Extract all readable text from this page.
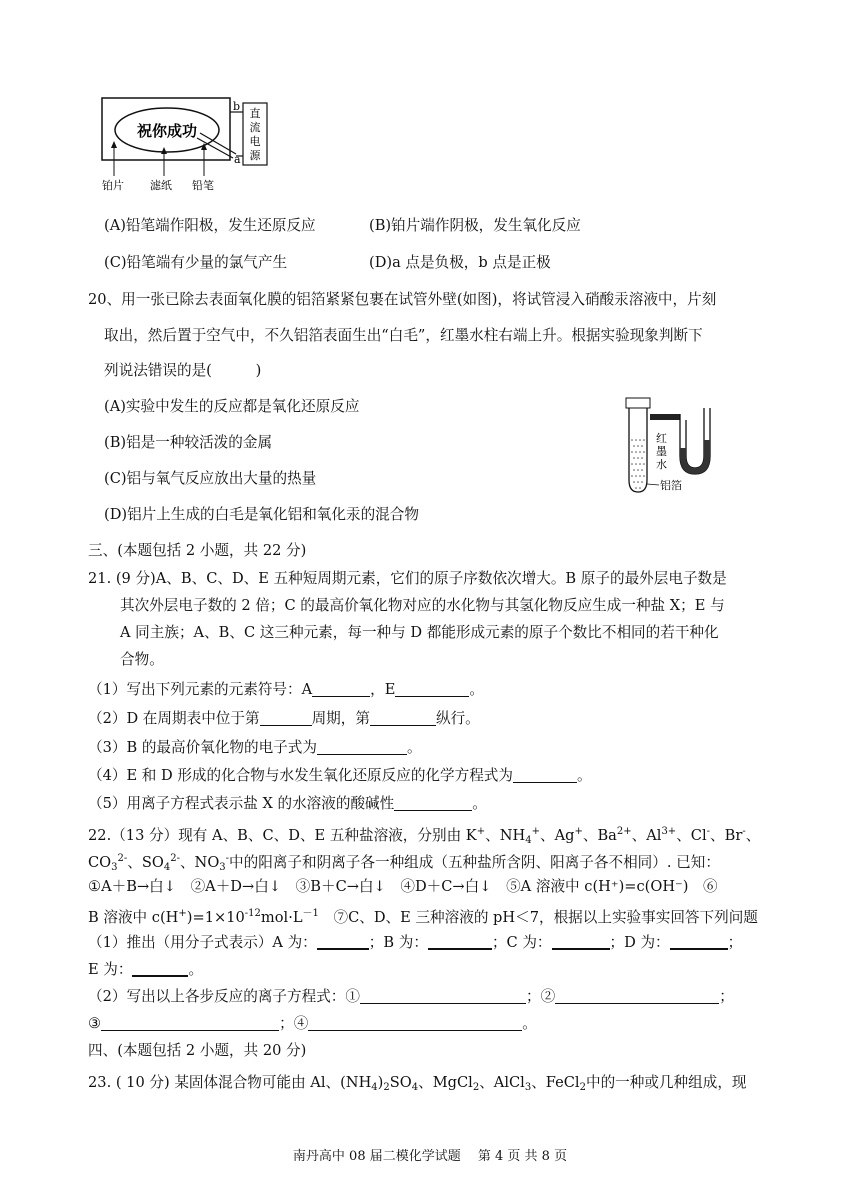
祝你成功
b
a
直流电源
铂片 滤纸 铅笔
(A)铅笔端作阳极，发生还原反应	(B)铂片端作阴极，发生氧化反应
(C)铅笔端有少量的氯气产生	(D)a 点是负极，b 点是正极
20、用一张已除去表面氧化膜的铝箔紧紧包裹在试管外壁(如图)，将试管浸入硝酸汞溶液中，片刻
取出，然后置于空气中，不久铝箔表面生出“白毛”，红墨水柱右端上升。根据实验现象判断下
列说法错误的是(　　　)
(A)实验中发生的反应都是氧化还原反应
(B)铝是一种较活泼的金属
(C)铝与氧气反应放出大量的热量
(D)铝片上生成的白毛是氧化铝和氧化汞的混合物
红
墨
水
铝箔
三、(本题包括 2 小题，共 22 分)
21. (9 分)A、B、C、D、E 五种短周期元素，它们的原子序数依次增大。B 原子的最外层电子数是
其次外层电子数的 2 倍；C 的最高价氧化物对应的水化物与其氢化物反应生成一种盐 X；E 与
A 同主族；A、B、C 这三种元素，每一种与 D 都能形成元素的原子个数比不相同的若干种化
合物。
（1）写出下列元素的元素符号：A	，E	。
（2）D 在周期表中位于第	周期，第	纵行。
（3）B 的最高价氧化物的电子式为	。
（4）E 和 D 形成的化合物与水发生氧化还原反应的化学方程式为	。
（5）用离子方程式表示盐 X 的水溶液的酸碱性	。
22.（13 分）现有 A、B、C、D、E 五种盐溶液，分别由 K+、$NH_4^+$、Ag+、$Ba^{2+}$、$Al^{3+}$、Cl-、Br-、
$CO_3^{2-}$、$SO_4^{2-}$、$NO_3^-$中的阳离子和阴离子各一种组成（五种盐所含阴、阳离子各不相同）. 已知：
①A＋B→白↓　②A＋D→白↓　③B＋C→白↓　④D＋C→白↓　⑤A 溶液中 c(H⁺)=c(OH⁻)　⑥
B 溶液中 $c(H^+)=1\times 10^{-12}mol\cdot L^{-1}$　⑦C、D、E 三种溶液的 pH＜7，根据以上实验事实回答下列问题
（1）推出（用分子式表示）A 为：	；B 为：	；C 为：	；D 为：	；
E 为：	。
（2）写出以上各步反应的离子方程式：①	；②	；
③	；④	。
四、(本题包括 2 小题，共 20 分)
23. ( 10 分) 某固体混合物可能由 Al、$(NH_4)_2SO_4$、MgCl$_2$、AlCl$_3$、FeCl$_2$中的一种或几种组成，现
南丹高中 08 届二模化学试题　 第 4 页 共 8 页
